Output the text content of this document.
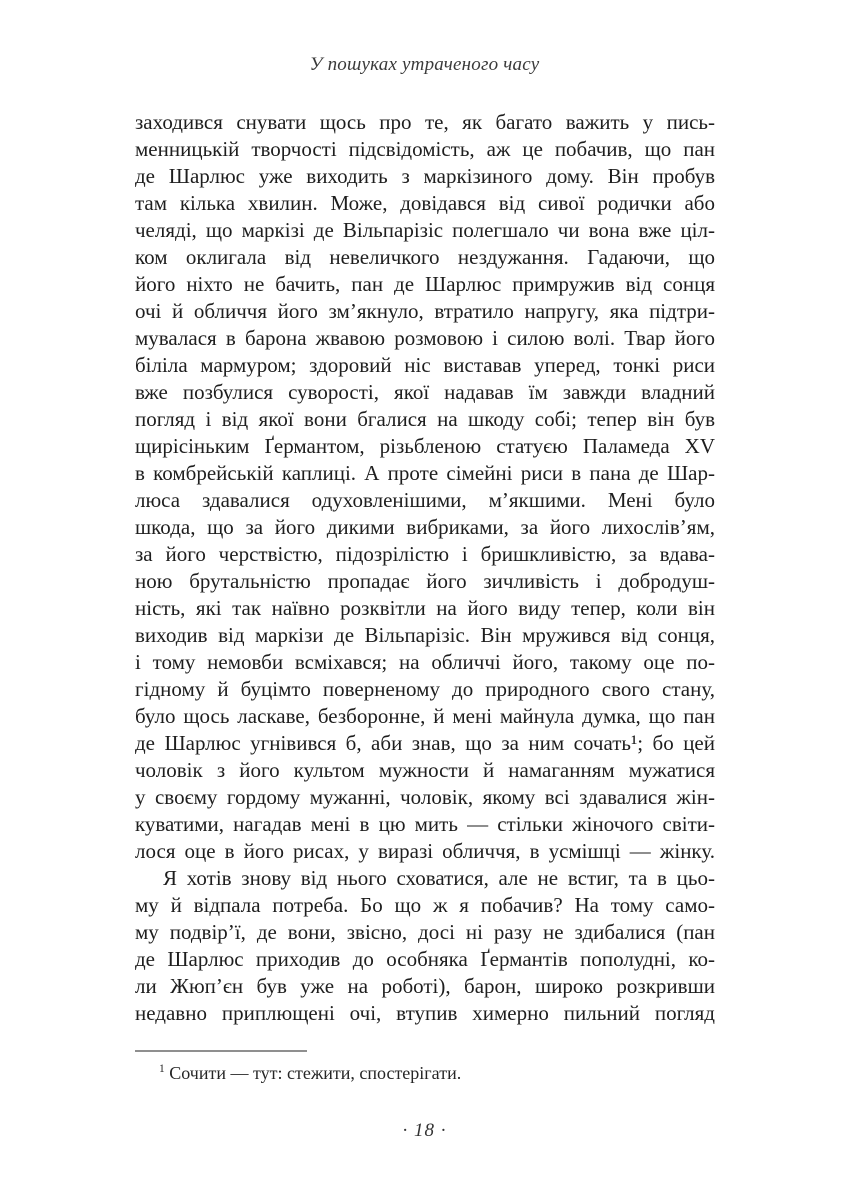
У пошуках утраченого часу
заходився снувати щось про те, як багато важить у пись-
менницькій творчості підсвідомість, аж це побачив, що пан
де Шарлюс уже виходить з маркізиного дому. Він пробув
там кілька хвилин. Може, довідався від сивої родички або
челяді, що маркізі де Вільпарізіс полегшало чи вона вже ціл-
ком оклигала від невеличкого нездужання. Гадаючи, що
його ніхто не бачить, пан де Шарлюс примружив від сонця
очі й обличчя його зм’якнуло, втратило напругу, яка підтри-
мувалася в барона жвавою розмовою і силою волі. Твар його
біліла мармуром; здоровий ніс виставав уперед, тонкі риси
вже позбулися суворості, якої надавав їм завжди владний
погляд і від якої вони бгалися на шкоду собі; тепер він був
щирісіньким Ґермантом, різьбленою статуєю Паламеда XV
в комбрейській каплиці. А проте сімейні риси в пана де Шар-
люса здавалися одуховленішими, м’якшими. Мені було
шкода, що за його дикими вибриками, за його лихослів’ям,
за його черствістю, підозрілістю і бришкливістю, за вдава-
ною брутальністю пропадає його зичливість і добродуш-
ність, які так наївно розквітли на його виду тепер, коли він
виходив від маркізи де Вільпарізіс. Він мружився від сонця,
і тому немовби всміхався; на обличчі його, такому оце по-
гідному й буцімто поверненому до природного свого стану,
було щось ласкаве, безборонне, й мені майнула думка, що пан
де Шарлюс угнівився б, аби знав, що за ним сочать¹; бо цей
чоловік з його культом мужности й намаганням мужатися
у своєму гордому мужанні, чоловік, якому всі здавалися жін-
куватими, нагадав мені в цю мить — стільки жіночого світи-
лося оце в його рисах, у виразі обличчя, в усмішці — жінку.
Я хотів знову від нього сховатися, але не встиг, та в цьо-
му й відпала потреба. Бо що ж я побачив? На тому само-
му подвір’ї, де вони, звісно, досі ні разу не здибалися (пан
де Шарлюс приходив до особняка Ґермантів пополудні, ко-
ли Жюп’єн був уже на роботі), барон, широко розкривши
недавно приплющені очі, втупив химерно пильний погляд
$^1$ Сочити — тут: стежити, спостерігати.
· 18 ·
